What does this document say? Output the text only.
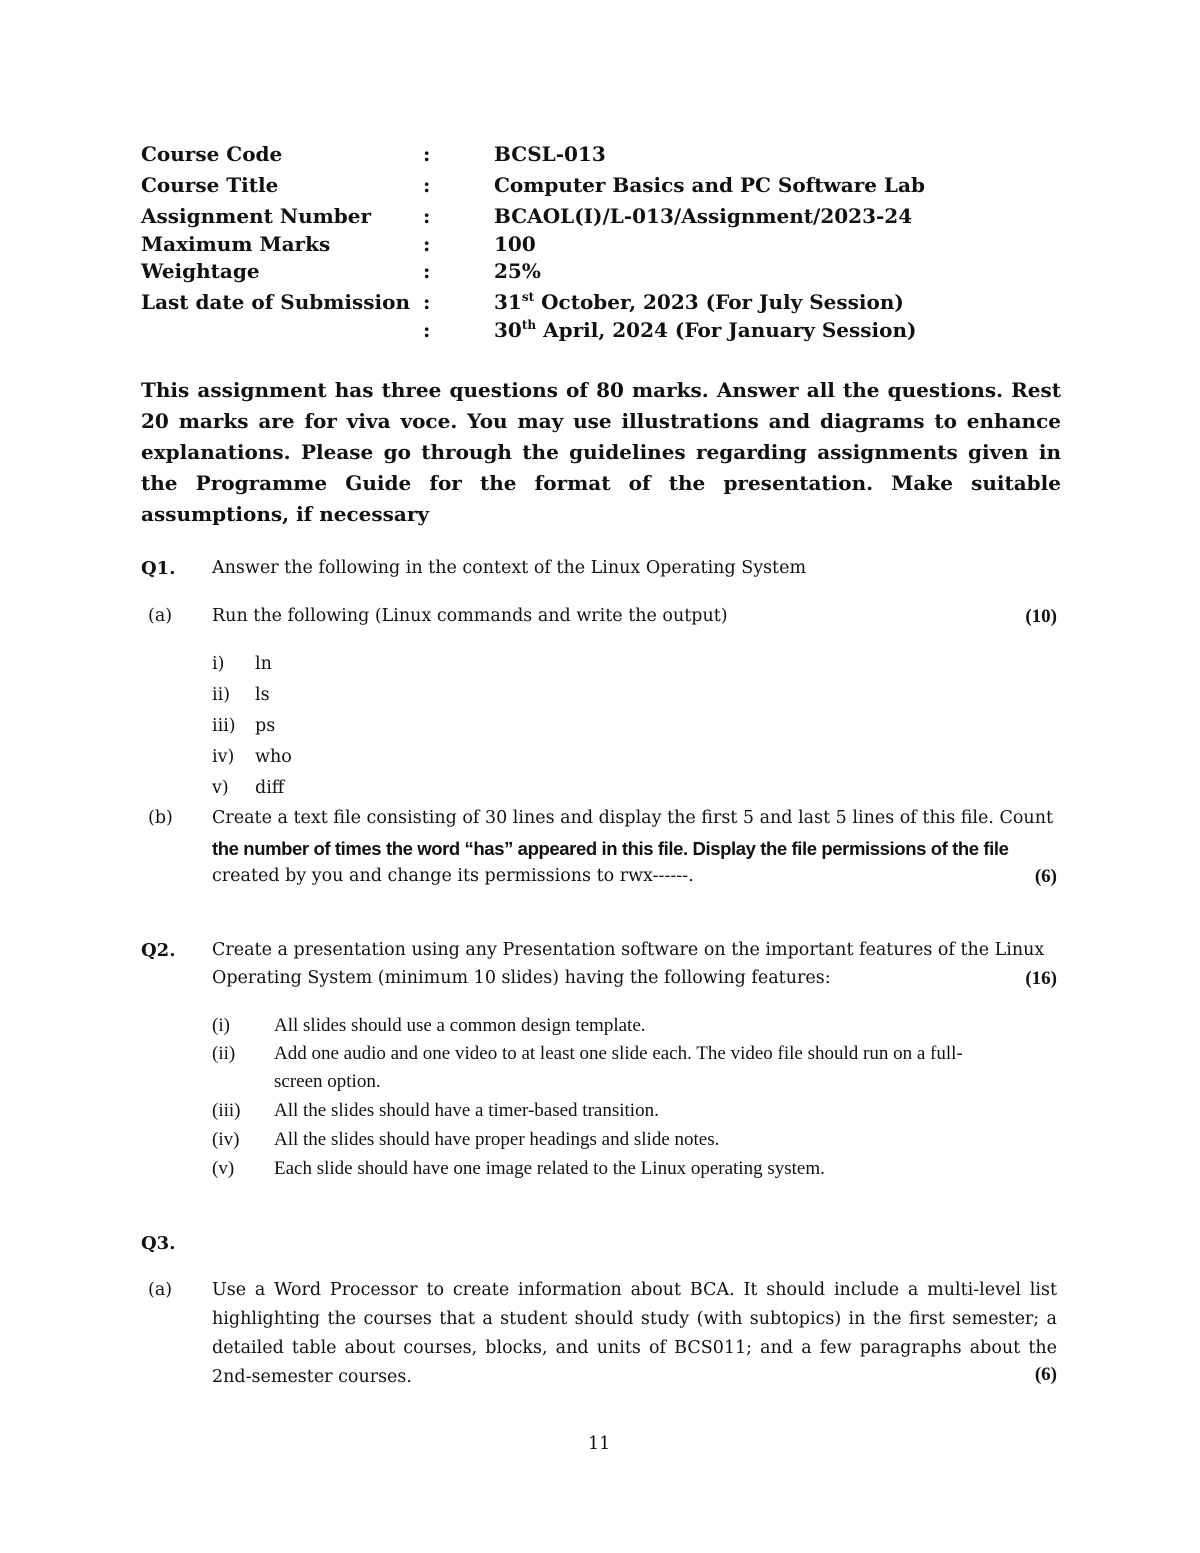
Course Code	:	BCSL-013
Course Title	:	Computer Basics and PC Software Lab
Assignment Number	:	BCAOL(I)/L-013/Assignment/2023-24
Maximum Marks	:	100
Weightage	:	25%
Last date of Submission :	31st October, 2023 (For July Session)
:	30th April, 2024 (For January Session)
This assignment has three questions of 80 marks. Answer all the questions. Rest 20 marks are for viva voce. You may use illustrations and diagrams to enhance explanations. Please go through the guidelines regarding assignments given in the Programme Guide for the format of the presentation. Make suitable assumptions, if necessary
Q1. Answer the following in the context of the Linux Operating System
(a) Run the following (Linux commands and write the output)	(10)
i) ln
ii) ls
iii) ps
iv) who
v) diff
(b) Create a text file consisting of 30 lines and display the first 5 and last 5 lines of this file. Count
the number of times the word “has” appeared in this file. Display the file permissions of the file
created by you and change its permissions to rwx------.	(6)
Q2. Create a presentation using any Presentation software on the important features of the Linux
Operating System (minimum 10 slides) having the following features:	(16)
(i) All slides should use a common design template.
(ii) Add one audio and one video to at least one slide each. The video file should run on a full-
screen option.
(iii) All the slides should have a timer-based transition.
(iv) All the slides should have proper headings and slide notes.
(v) Each slide should have one image related to the Linux operating system.
Q3.
(a) Use a Word Processor to create information about BCA. It should include a multi-level list highlighting the courses that a student should study (with subtopics) in the first semester; a detailed table about courses, blocks, and units of BCS011; and a few paragraphs about the 2nd-semester courses.	(6)
11
